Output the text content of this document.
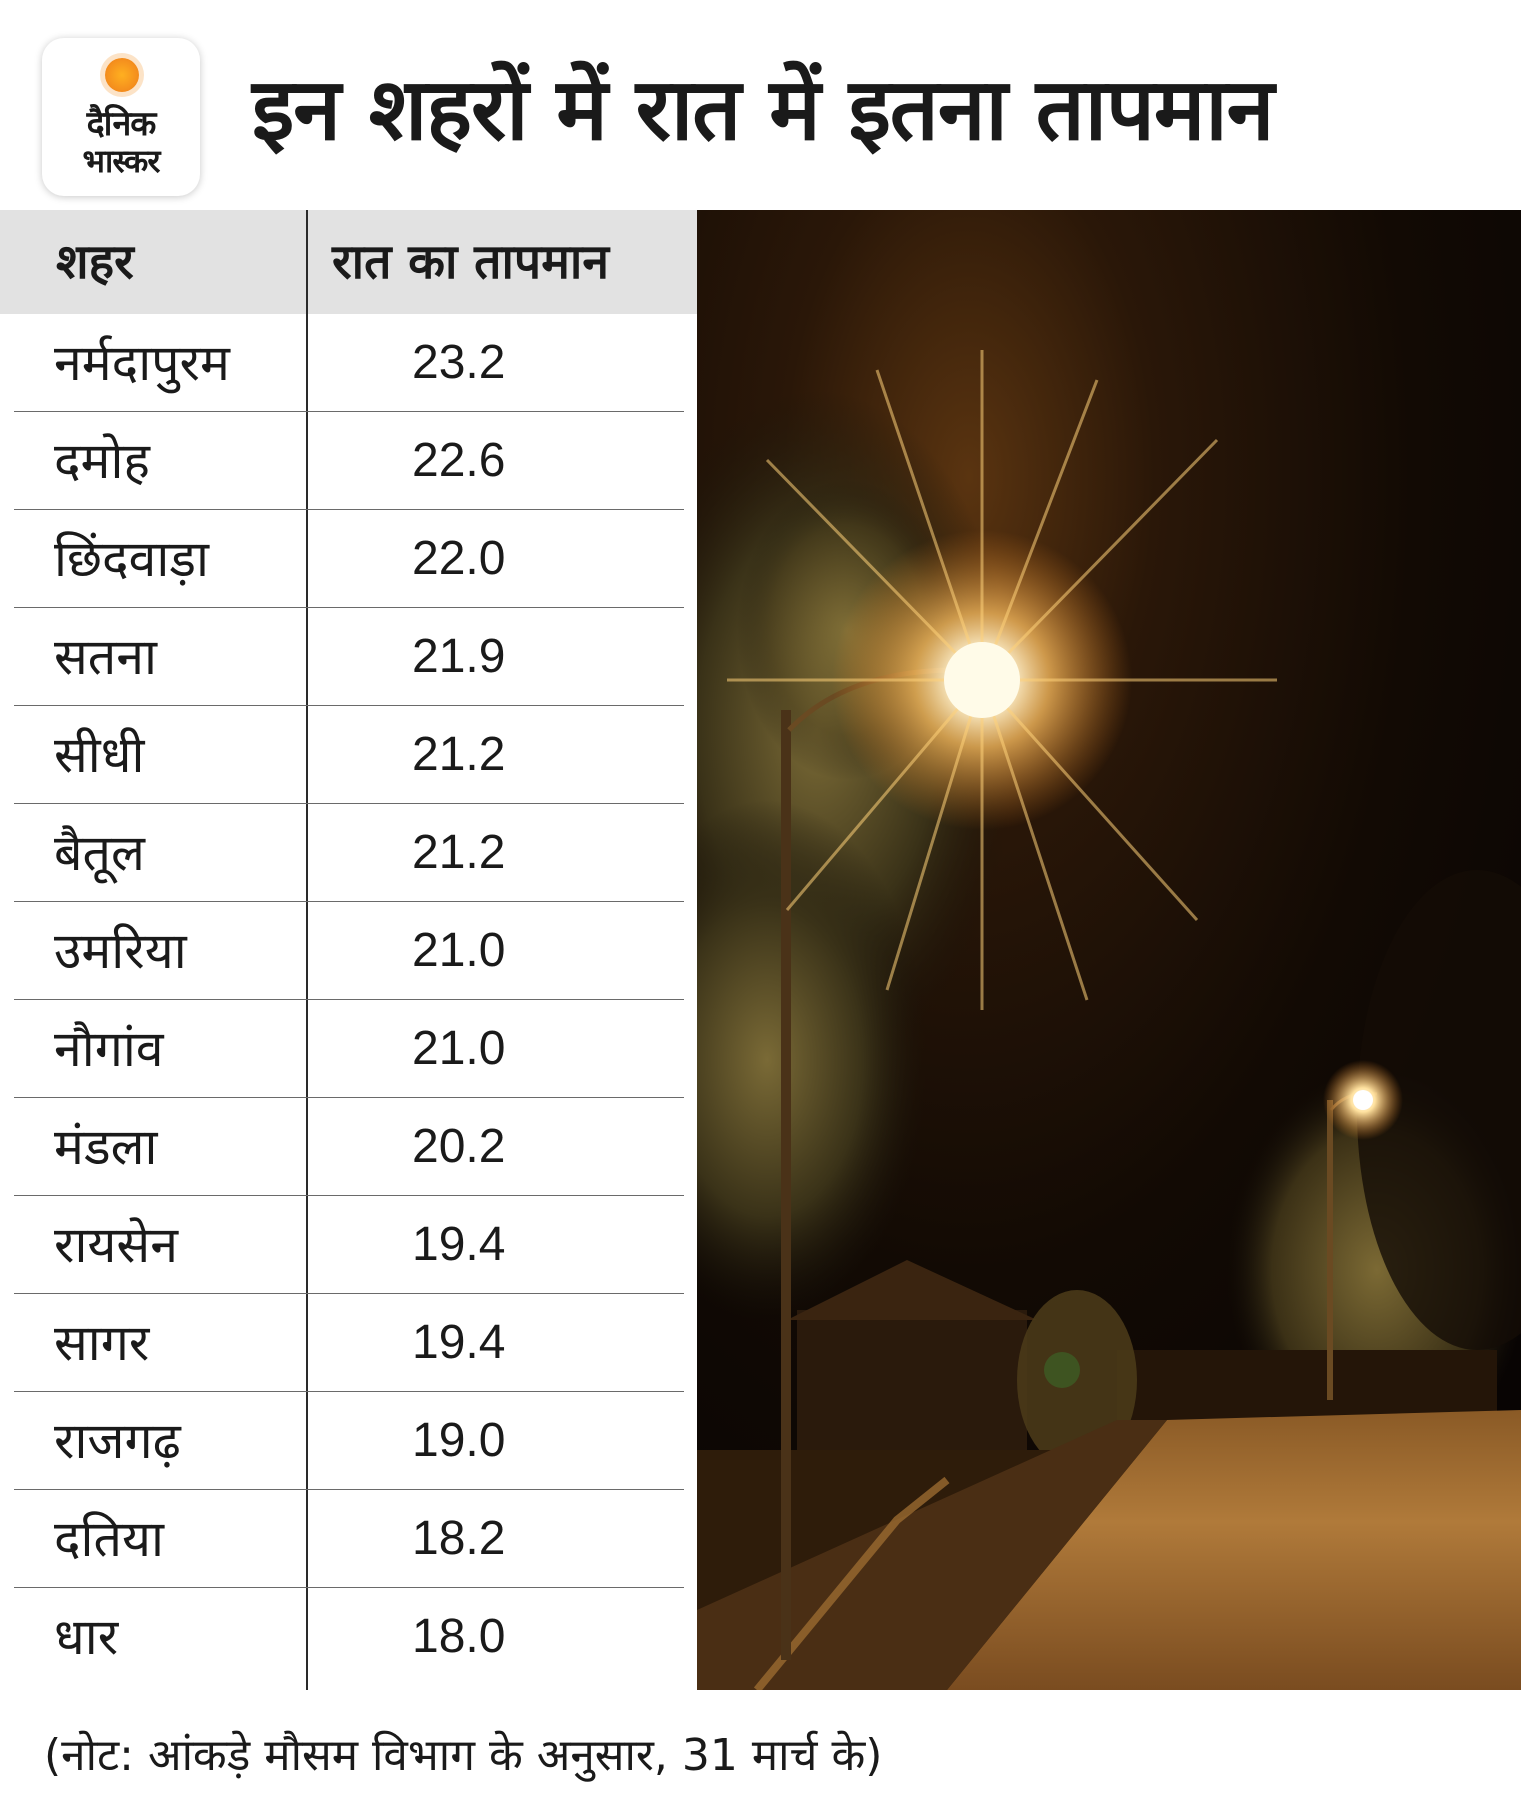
दैनिक
भास्कर
इन शहरों में रात में इतना तापमान
शहर	रात का तापमान
नर्मदापुरम	23.2
दमोह	22.6
छिंदवाड़ा	22.0
सतना	21.9
सीधी	21.2
बैतूल	21.2
उमरिया	21.0
नौगांव	21.0
मंडला	20.2
रायसेन	19.4
सागर	19.4
राजगढ़	19.0
दतिया	18.2
धार	18.0
(नोट: आंकड़े मौसम विभाग के अनुसार, 31 मार्च के)
